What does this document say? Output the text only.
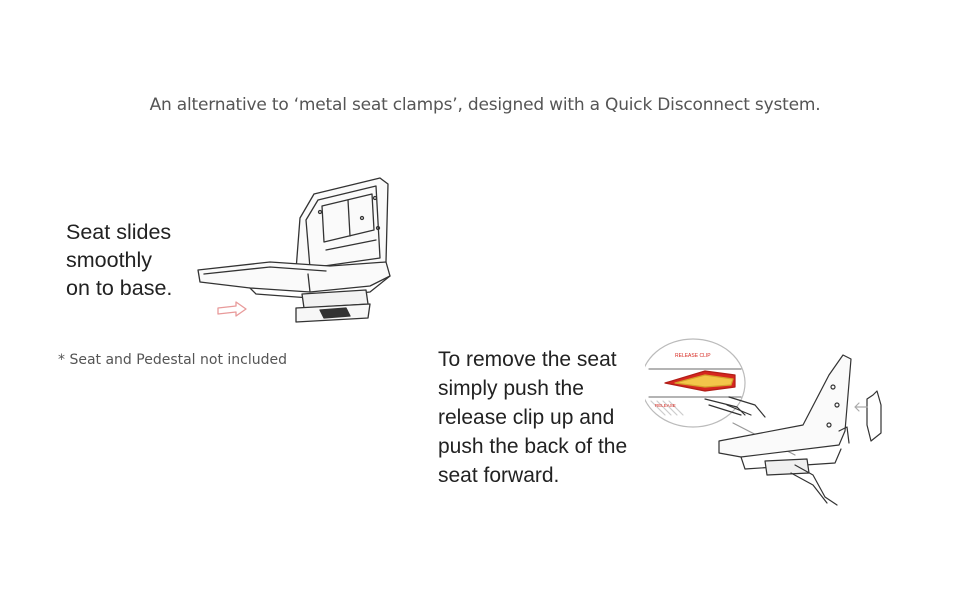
An alternative to ‘metal seat clamps’, designed with a Quick Disconnect system.
Seat slides
smoothly
on to base.
* Seat and Pedestal not included	To remove the seat
simply push the
release clip up and
push the back of the
seat forward.
RELEASE CLIP
RELEASE
